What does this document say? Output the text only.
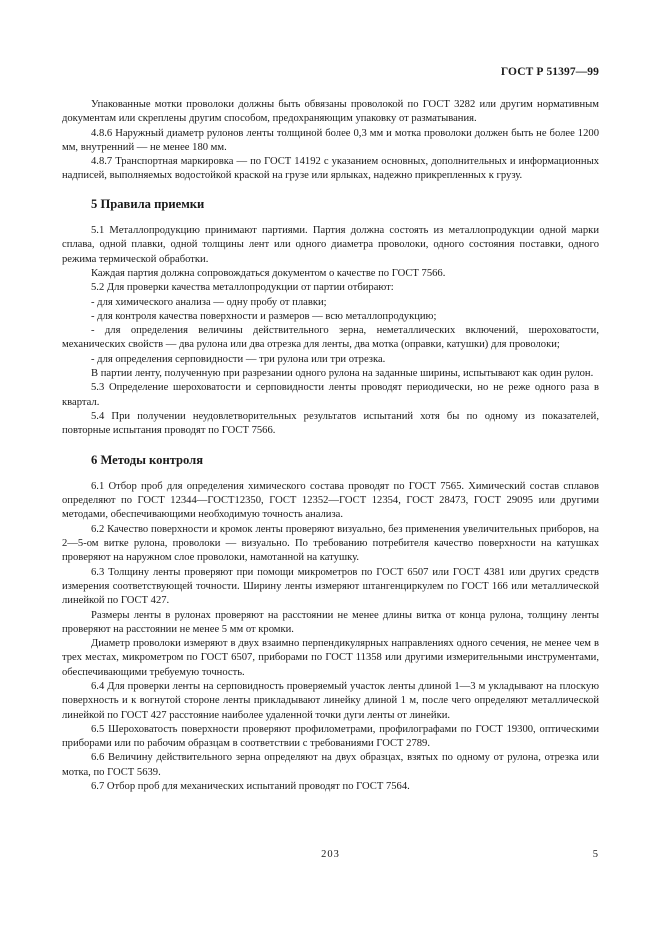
ГОСТ Р 51397—99

Упакованные мотки проволоки должны быть обвязаны проволокой по ГОСТ 3282 или другим нормативным документам или скреплены другим способом, предохраняющим упаковку от разматывания.

4.8.6 Наружный диаметр рулонов ленты толщиной более 0,3 мм и мотка проволоки должен быть не более 1200 мм, внутренний — не менее 180 мм.

4.8.7 Транспортная маркировка — по ГОСТ 14192 с указанием основных, дополнительных и информационных надписей, выполняемых водостойкой краской на грузе или ярлыках, надежно прикрепленных к грузу.

5 Правила приемки

5.1 Металлопродукцию принимают партиями. Партия должна состоять из металлопродукции одной марки сплава, одной плавки, одной толщины лент или одного диаметра проволоки, одного состояния поставки, одного режима термической обработки.

Каждая партия должна сопровождаться документом о качестве по ГОСТ 7566.

5.2 Для проверки качества металлопродукции от партии отбирают:

- для химического анализа — одну пробу от плавки;

- для контроля качества поверхности и размеров — всю металлопродукцию;

- для определения величины действительного зерна, неметаллических включений, шероховатости, механических свойств — два рулона или два отрезка для ленты, два мотка (оправки, катушки) для проволоки;

- для определения серповидности — три рулона или три отрезка.

В партии ленту, полученную при разрезании одного рулона на заданные ширины, испытывают как один рулон.

5.3 Определение шероховатости и серповидности ленты проводят периодически, но не реже одного раза в квартал.

5.4 При получении неудовлетворительных результатов испытаний хотя бы по одному из показателей, повторные испытания проводят по ГОСТ 7566.

6 Методы контроля

6.1 Отбор проб для определения химического состава проводят по ГОСТ 7565. Химический состав сплавов определяют по ГОСТ 12344—ГОСТ12350, ГОСТ 12352—ГОСТ 12354, ГОСТ 28473, ГОСТ 29095 или другими методами, обеспечивающими необходимую точность анализа.

6.2 Качество поверхности и кромок ленты проверяют визуально, без применения увеличительных приборов, на 2—5-ом витке рулона, проволоки — визуально. По требованию потребителя качество поверхности на катушках проверяют на наружном слое проволоки, намотанной на катушку.

6.3 Толщину ленты проверяют при помощи микрометров по ГОСТ 6507 или ГОСТ 4381 или других средств измерения соответствующей точности. Ширину ленты измеряют штангенциркулем по ГОСТ 166 или металлической линейкой по ГОСТ 427.

Размеры ленты в рулонах проверяют на расстоянии не менее длины витка от конца рулона, толщину ленты проверяют на расстоянии не менее 5 мм от кромки.

Диаметр проволоки измеряют в двух взаимно перпендикулярных направлениях одного сечения, не менее чем в трех местах, микрометром по ГОСТ 6507, приборами по ГОСТ 11358 или другими измерительными инструментами, обеспечивающими требуемую точность.

6.4 Для проверки ленты на серповидность проверяемый участок ленты длиной 1—3 м укладывают на плоскую поверхность и к вогнутой стороне ленты прикладывают линейку длиной 1 м, после чего определяют металлической линейкой по ГОСТ 427 расстояние наиболее удаленной точки дуги ленты от линейки.

6.5 Шероховатость поверхности проверяют профилометрами, профилографами по ГОСТ 19300, оптическими приборами или по рабочим образцам в соответствии с требованиями ГОСТ 2789.

6.6 Величину действительного зерна определяют на двух образцах, взятых по одному от рулона, отрезка или мотка, по ГОСТ 5639.

6.7 Отбор проб для механических испытаний проводят по ГОСТ 7564.

203	5
